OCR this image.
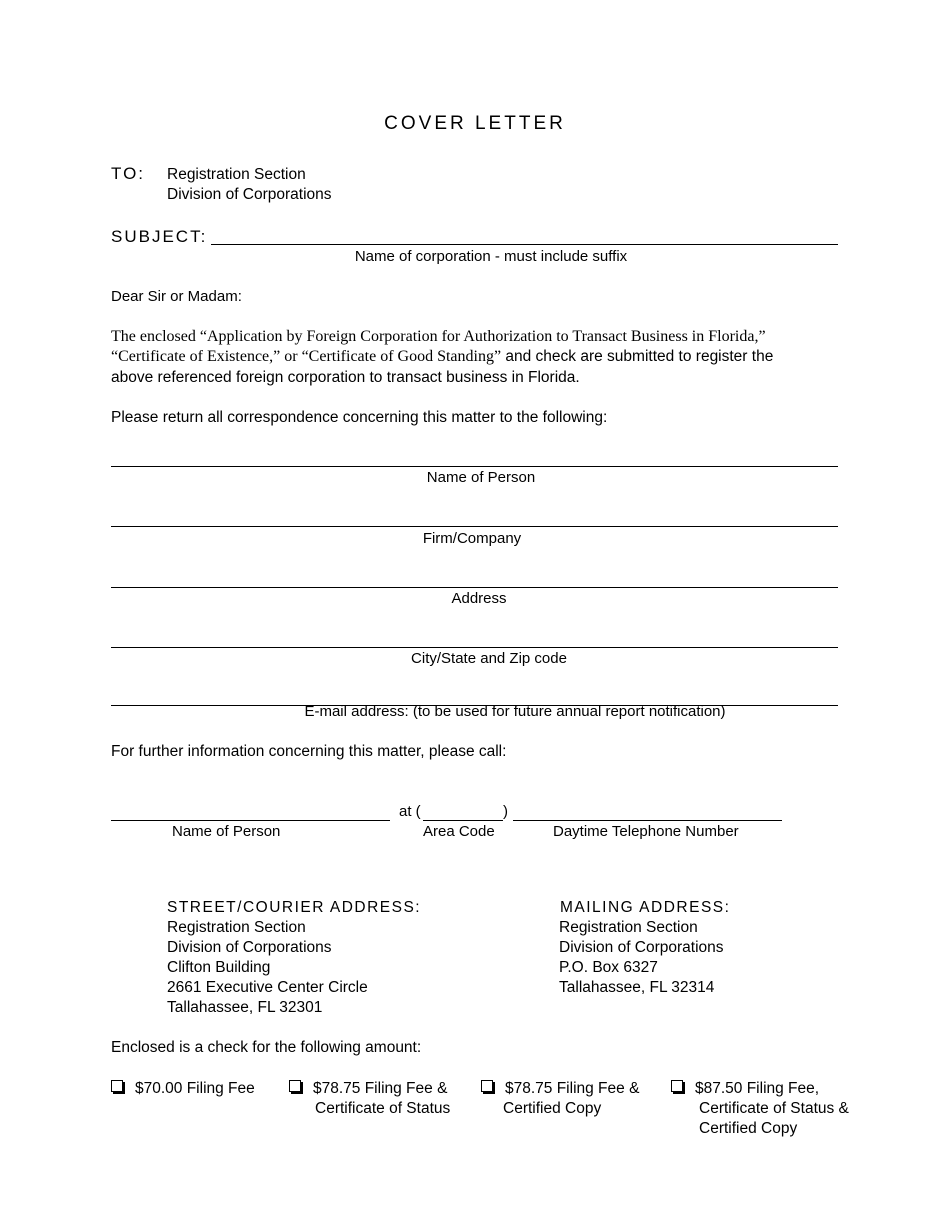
COVER LETTER
TO: Registration Section
Division of Corporations
SUBJECT:
Name of corporation - must include suffix
Dear Sir or Madam:
The enclosed “Application by Foreign Corporation for Authorization to Transact Business in Florida,”
“Certificate of Existence,” or “Certificate of Good Standing” and check are submitted to register the
above referenced foreign corporation to transact business in Florida.
Please return all correspondence concerning this matter to the following:
Name of Person
Firm/Company
Address
City/State and Zip code
E-mail address: (to be used for future annual report notification)
For further information concerning this matter, please call:
at (	)
Name of Person	Area Code	Daytime Telephone Number
STREET/COURIER ADDRESS:
Registration Section
Division of Corporations
Clifton Building
2661 Executive Center Circle
Tallahassee, FL 32301
MAILING ADDRESS:
Registration Section
Division of Corporations
P.O. Box 6327
Tallahassee, FL 32314
Enclosed is a check for the following amount:
$70.00 Filing Fee	$78.75 Filing Fee &
Certificate of Status
$78.75 Filing Fee &
Certified Copy
$87.50 Filing Fee,
Certificate of Status &
Certified Copy
